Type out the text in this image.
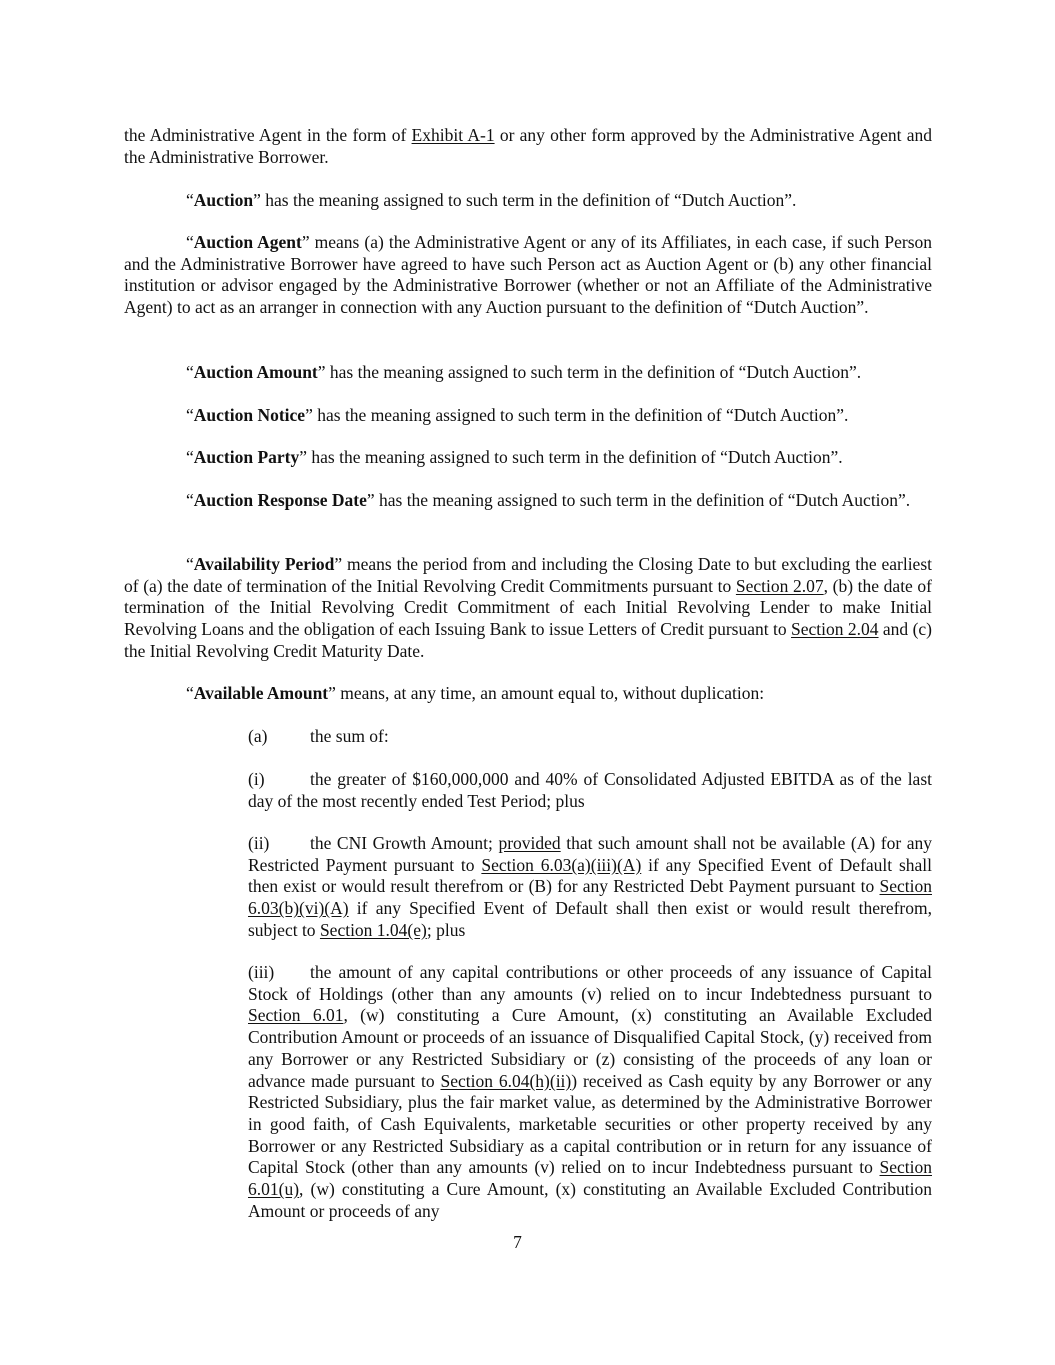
the Administrative Agent in the form of Exhibit A-1 or any other form approved by the Administrative Agent and the Administrative Borrower.

“Auction” has the meaning assigned to such term in the definition of “Dutch Auction”.

“Auction Agent” means (a) the Administrative Agent or any of its Affiliates, in each case, if such Person and the Administrative Borrower have agreed to have such Person act as Auction Agent or (b) any other financial institution or advisor engaged by the Administrative Borrower (whether or not an Affiliate of the Administrative Agent) to act as an arranger in connection with any Auction pursuant to the definition of “Dutch Auction”.

“Auction Amount” has the meaning assigned to such term in the definition of “Dutch Auction”.

“Auction Notice” has the meaning assigned to such term in the definition of “Dutch Auction”.

“Auction Party” has the meaning assigned to such term in the definition of “Dutch Auction”.

“Auction Response Date” has the meaning assigned to such term in the definition of “Dutch Auction”.

“Availability Period” means the period from and including the Closing Date to but excluding the earliest of (a) the date of termination of the Initial Revolving Credit Commitments pursuant to Section 2.07, (b) the date of termination of the Initial Revolving Credit Commitment of each Initial Revolving Lender to make Initial Revolving Loans and the obligation of each Issuing Bank to issue Letters of Credit pursuant to Section 2.04 and (c) the Initial Revolving Credit Maturity Date.

“Available Amount” means, at any time, an amount equal to, without duplication:

(a) the sum of:

(i)	the greater of $160,000,000 and 40% of Consolidated Adjusted EBITDA as of the last day of the most recently ended Test Period; plus

(ii) the CNI Growth Amount; provided that such amount shall not be available (A) for any Restricted Payment pursuant to Section 6.03(a)(iii)(A) if any Specified Event of Default shall then exist or would result therefrom or (B) for any Restricted Debt Payment pursuant to Section 6.03(b)(vi)(A) if any Specified Event of Default shall then exist or would result therefrom, subject to Section 1.04(e); plus

(iii) the amount of any capital contributions or other proceeds of any issuance of Capital Stock of Holdings (other than any amounts (v) relied on to incur Indebtedness pursuant to Section 6.01, (w) constituting a Cure Amount, (x) constituting an Available Excluded Contribution Amount or proceeds of an issuance of Disqualified Capital Stock, (y) received from any Borrower or any Restricted Subsidiary or (z) consisting of the proceeds of any loan or advance made pursuant to Section 6.04(h)(ii)) received as Cash equity by any Borrower or any Restricted Subsidiary, plus the fair market value, as determined by the Administrative Borrower in good faith, of Cash Equivalents, marketable securities or other property received by any Borrower or any Restricted Subsidiary as a capital contribution or in return for any issuance of Capital Stock (other than any amounts (v) relied on to incur Indebtedness pursuant to Section 6.01(u), (w) constituting a Cure Amount, (x) constituting an Available Excluded Contribution Amount or proceeds of any

7
